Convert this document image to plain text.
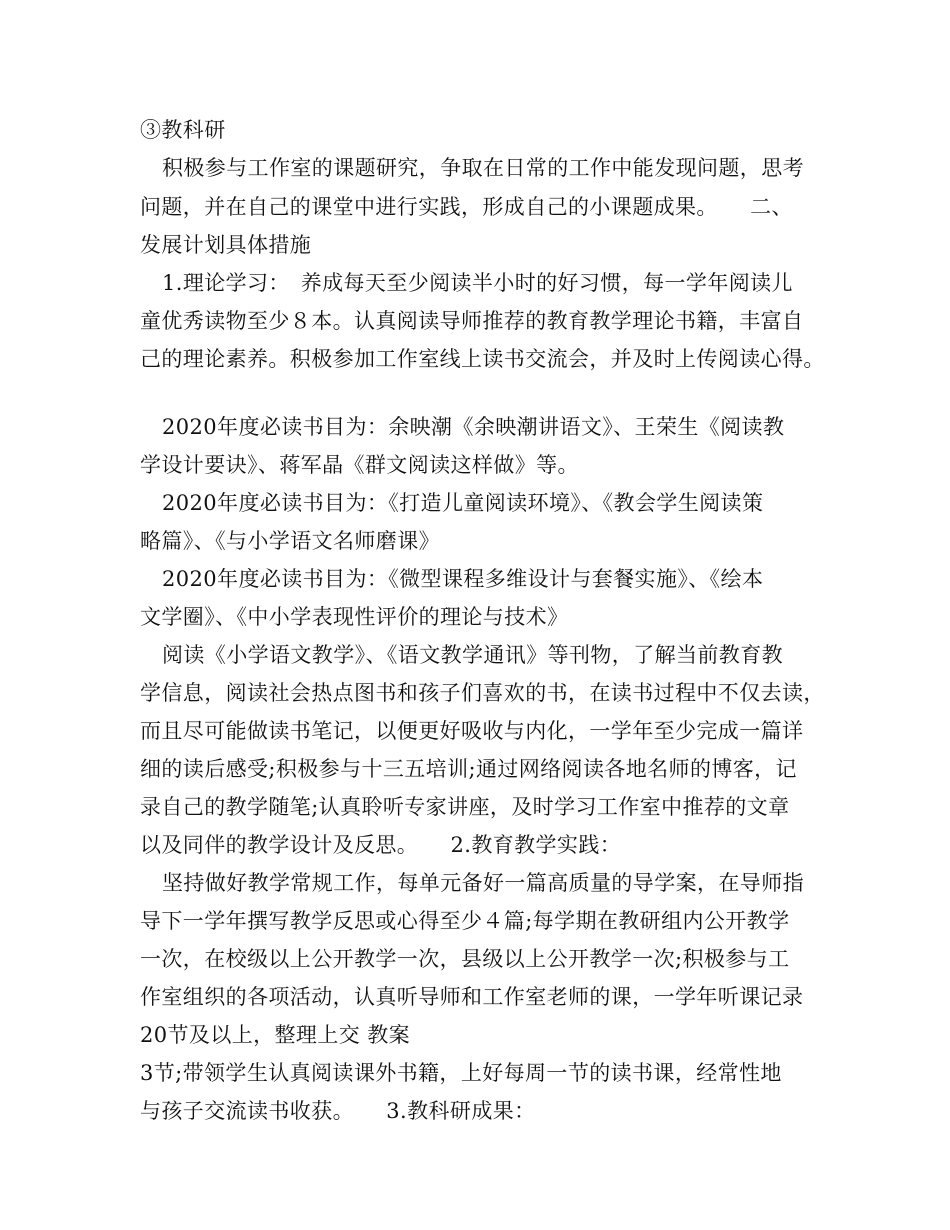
③教科研
积极参与工作室的课题研究，争取在日常的工作中能发现问题，思考
问题，并在自己的课堂中进行实践，形成自己的小课题成果。　　二、
发展计划具体措施
1.理论学习：　养成每天至少阅读半小时的好习惯，每一学年阅读儿
童优秀读物至少８本。认真阅读导师推荐的教育教学理论书籍，丰富自
己的理论素养。积极参加工作室线上读书交流会，并及时上传阅读心得。
2020年度必读书目为：余映潮《余映潮讲语文》、王荣生《阅读教
学设计要诀》、蒋军晶《群文阅读这样做》等。
2020年度必读书目为：《打造儿童阅读环境》、《教会学生阅读策
略篇》、《与小学语文名师磨课》
2020年度必读书目为：《微型课程多维设计与套餐实施》、《绘本
文学圈》、《中小学表现性评价的理论与技术》
阅读《小学语文教学》、《语文教学通讯》等刊物，了解当前教育教
学信息，阅读社会热点图书和孩子们喜欢的书，在读书过程中不仅去读，
而且尽可能做读书笔记，以便更好吸收与内化，一学年至少完成一篇详
细的读后感受;积极参与十三五培训;通过网络阅读各地名师的博客，记
录自己的教学随笔;认真聆听专家讲座，及时学习工作室中推荐的文章
以及同伴的教学设计及反思。　　2.教育教学实践：
坚持做好教学常规工作，每单元备好一篇高质量的导学案，在导师指
导下一学年撰写教学反思或心得至少４篇;每学期在教研组内公开教学
一次，在校级以上公开教学一次，县级以上公开教学一次;积极参与工
作室组织的各项活动，认真听导师和工作室老师的课，一学年听课记录
20节及以上，整理上交 教案
3节;带领学生认真阅读课外书籍，上好每周一节的读书课，经常性地
与孩子交流读书收获。　　3.教科研成果：
